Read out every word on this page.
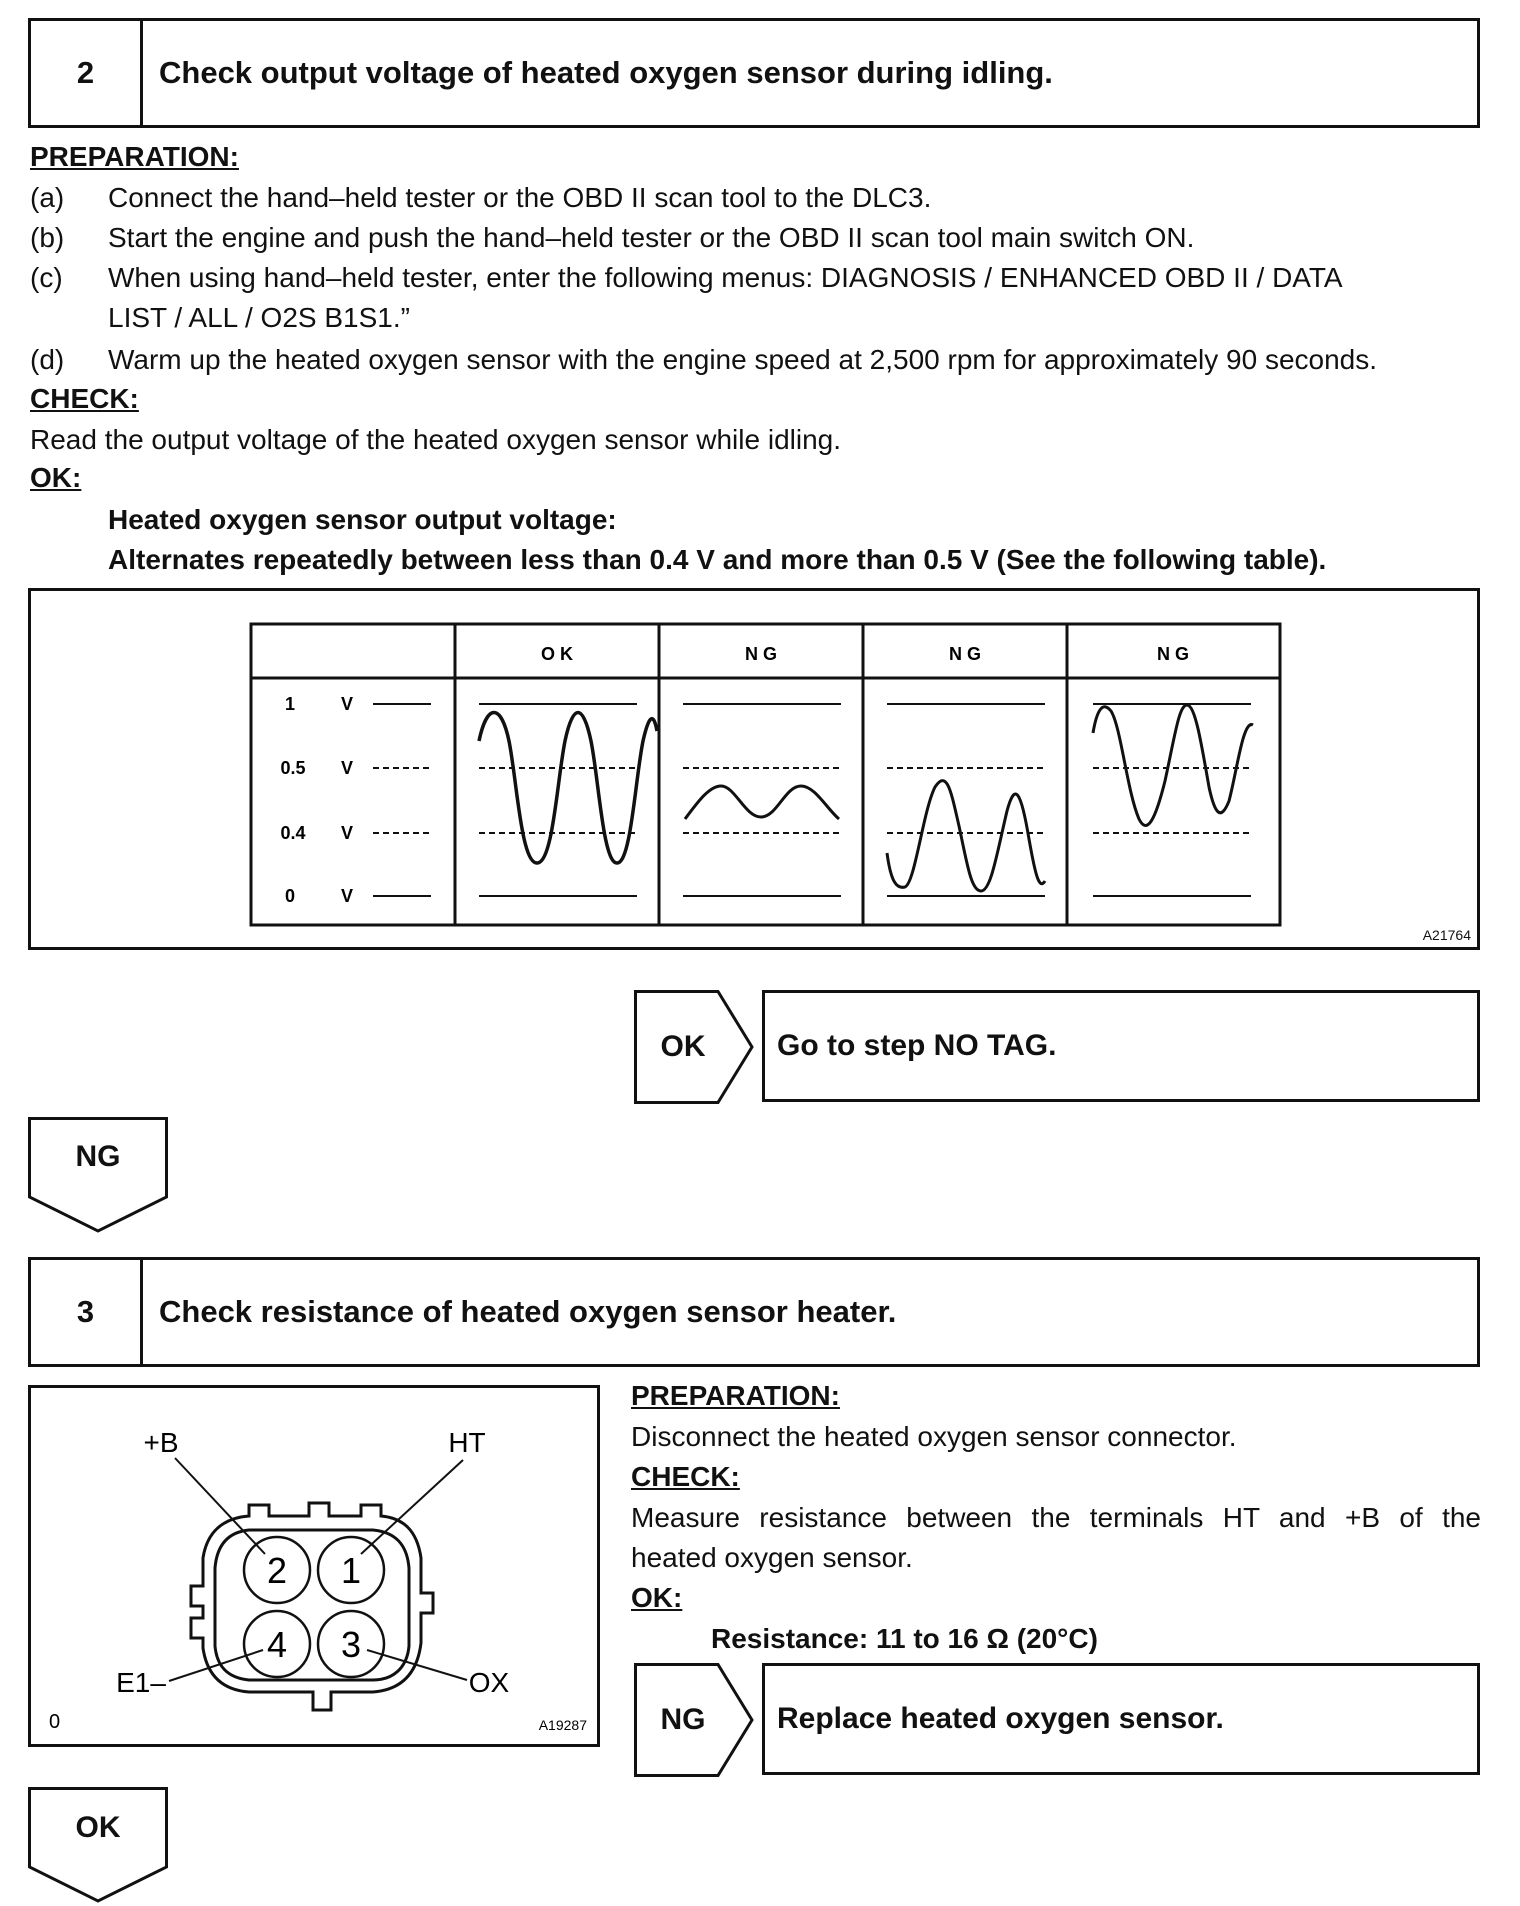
2	Check output voltage of heated oxygen sensor during idling.
PREPARATION:
(a) Connect the hand–held tester or the OBD II scan tool to the DLC3.
(b) Start the engine and push the hand–held tester or the OBD II scan tool main switch ON.
(c) When using hand–held tester, enter the following menus: DIAGNOSIS / ENHANCED OBD II / DATA
LIST / ALL / O2S B1S1.”
(d) Warm up the heated oxygen sensor with the engine speed at 2,500 rpm for approximately 90 seconds.
CHECK:
Read the output voltage of the heated oxygen sensor while idling.
OK:
Heated oxygen sensor output voltage:
Alternates repeatedly between less than 0.4 V and more than 0.5 V (See the following table).
O K	N G	N G	N G
1	V
0.5 V
0.4 V
0	V
A21764
OK	Go to step NO TAG.
NG
3	Check resistance of heated oxygen sensor heater.
2 1
4 3
+B	HT
E1–	OX
0	A19287
PREPARATION:
Disconnect the heated oxygen sensor connector.
CHECK:
Measure resistance between the terminals HT and +B of the
heated oxygen sensor.
OK:
Resistance: 11 to 16 Ω (20°C)
NG	Replace heated oxygen sensor.
OK
